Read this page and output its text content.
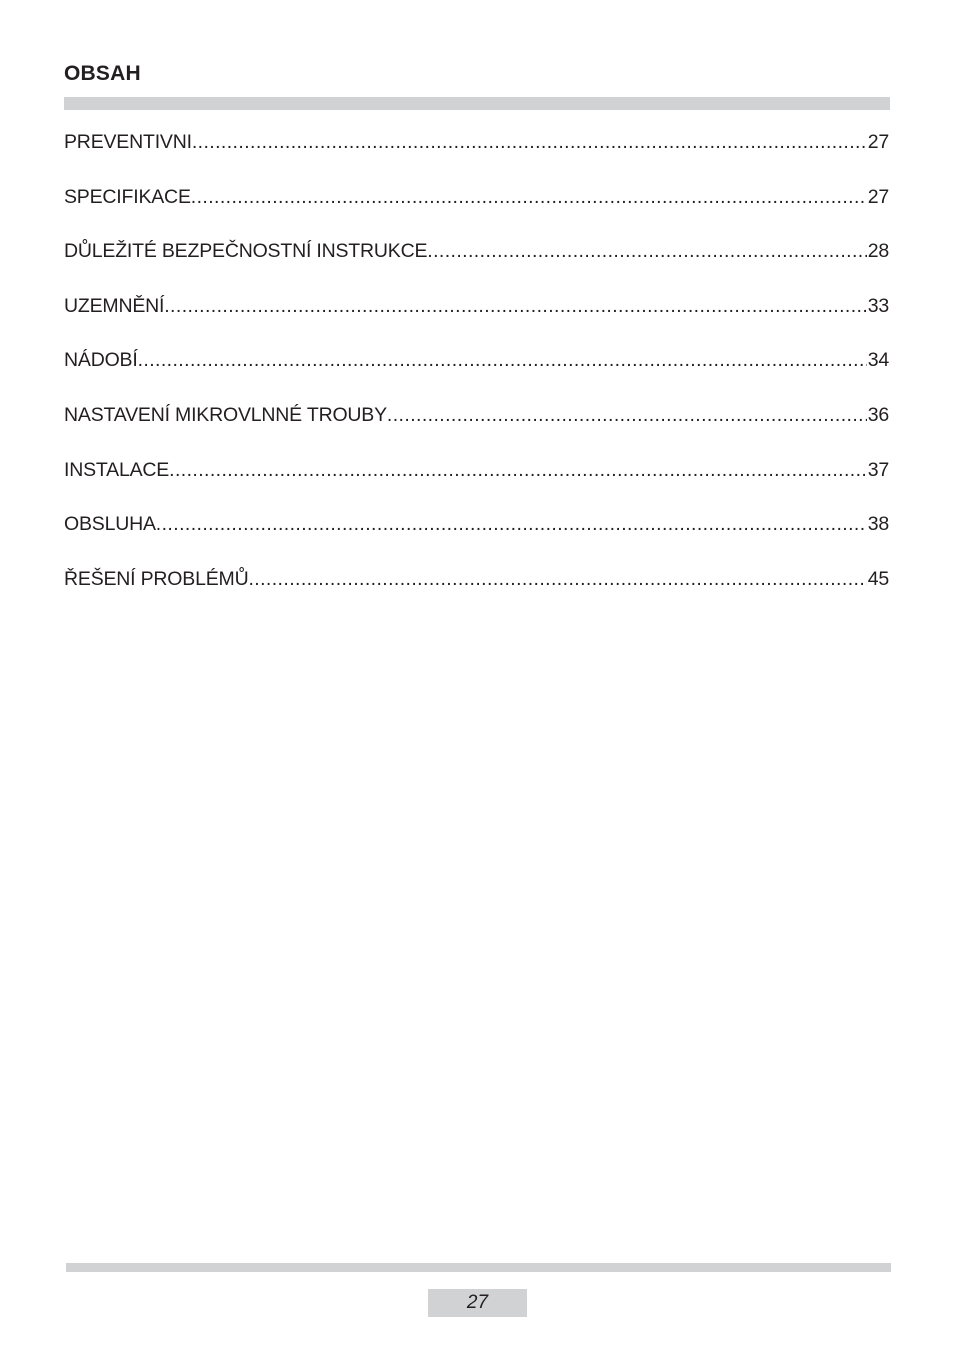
OBSAH
PREVENTIVNI .....	27
SPECIFIKACE .....	27
DŮLEŽITÉ BEZPEČNOSTNÍ INSTRUKCE .....	28
UZEMNĚNÍ .....	33
NÁDOBÍ .....	34
NASTAVENÍ MIKROVLNNÉ TROUBY .....	36
INSTALACE .....	37
OBSLUHA .....	38
ŘEŠENÍ PROBLÉMŮ .....	45
27
